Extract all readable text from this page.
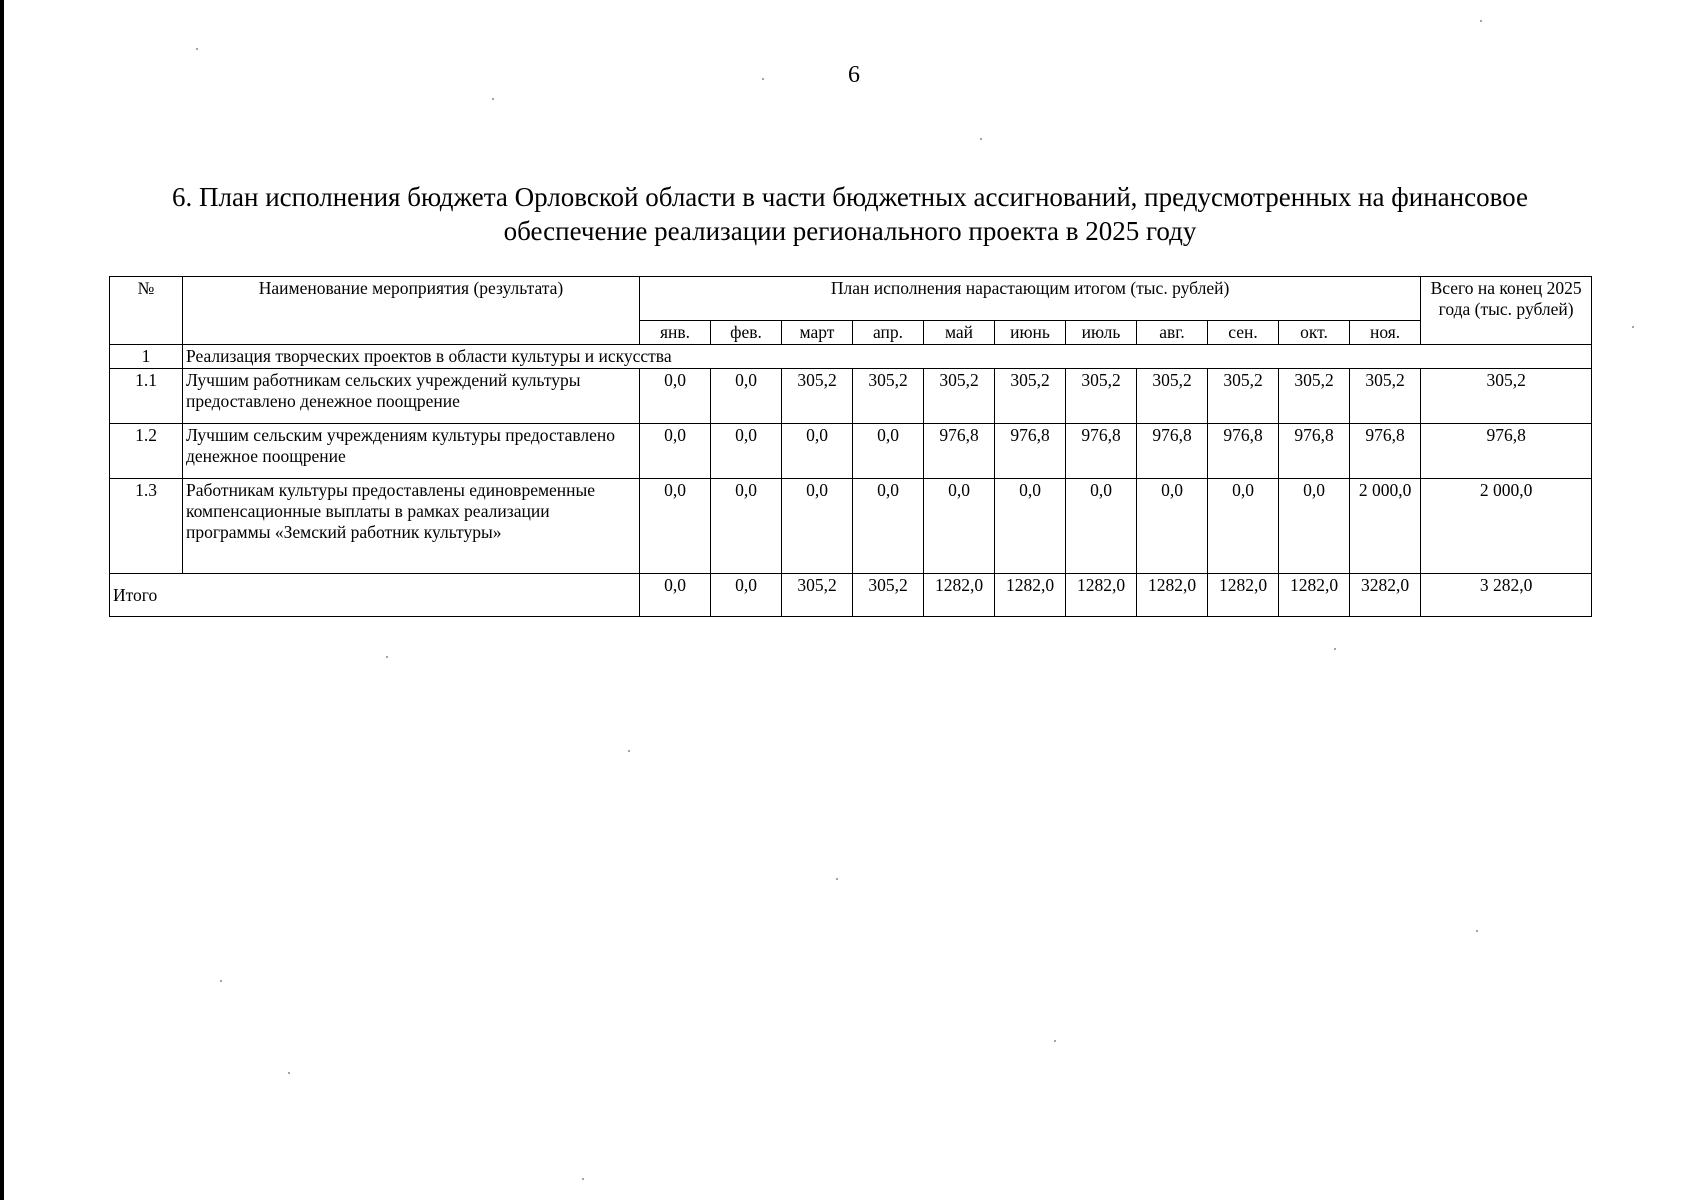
6
6. План исполнения бюджета Орловской области в части бюджетных ассигнований, предусмотренных на финансовое
обеспечение реализации регионального проекта в 2025 году
№	Наименование мероприятия (результата)	План исполнения нарастающим итогом (тыс. рублей)											Всего на конец 2025 года (тыс. рублей)
		янв.	фев.	март	апр.	май	июнь	июль	авг.	сен.	окт.	ноя.	
1	Реализация творческих проектов в области культуры и искусства												
1.1	Лучшим работникам сельских учреждений культуры предоставлено денежное поощрение	0,0	0,0	305,2	305,2	305,2	305,2	305,2	305,2	305,2	305,2	305,2	305,2
1.2	Лучшим сельским учреждениям культуры предоставлено денежное поощрение	0,0	0,0	0,0	0,0	976,8	976,8	976,8	976,8	976,8	976,8	976,8	976,8
1.3	Работникам культуры предоставлены единовременные компенсационные выплаты в рамках реализации программы «Земский работник культуры»	0,0	0,0	0,0	0,0	0,0	0,0	0,0	0,0	0,0	0,0	2 000,0	2 000,0
Итого		0,0	0,0	305,2	305,2	1282,0	1282,0	1282,0	1282,0	1282,0	1282,0	3282,0	3 282,0
